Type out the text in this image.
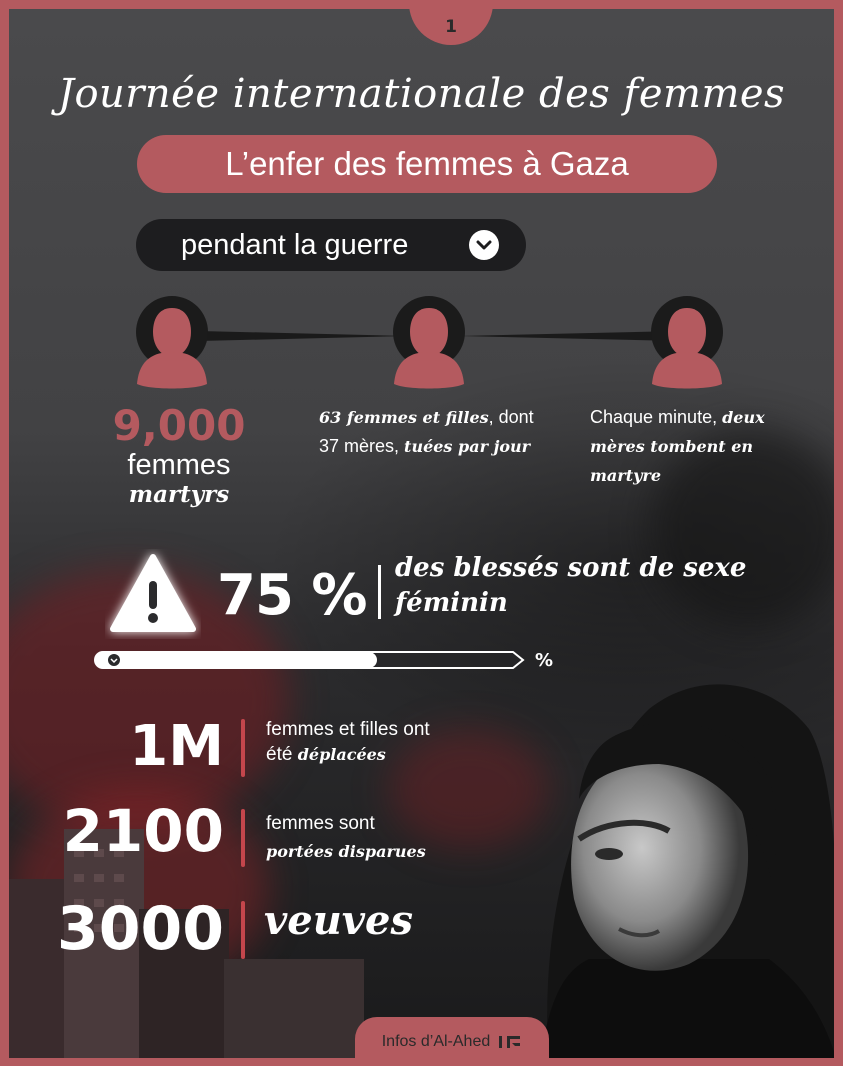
1
Journée internationale des femmes
L’enfer des femmes à Gaza
pendant la guerre
9,000
femmes
martyrs
63 femmes et filles, dont 37 mères, tuées par jour
Chaque minute, deux mères tombent en martyre
75 % des blessés sont de sexe féminin
%
1M femmes et filles ont
été déplacées
2100 femmes sont
portées disparues
3000 veuves
Infos d’Al-Ahed
